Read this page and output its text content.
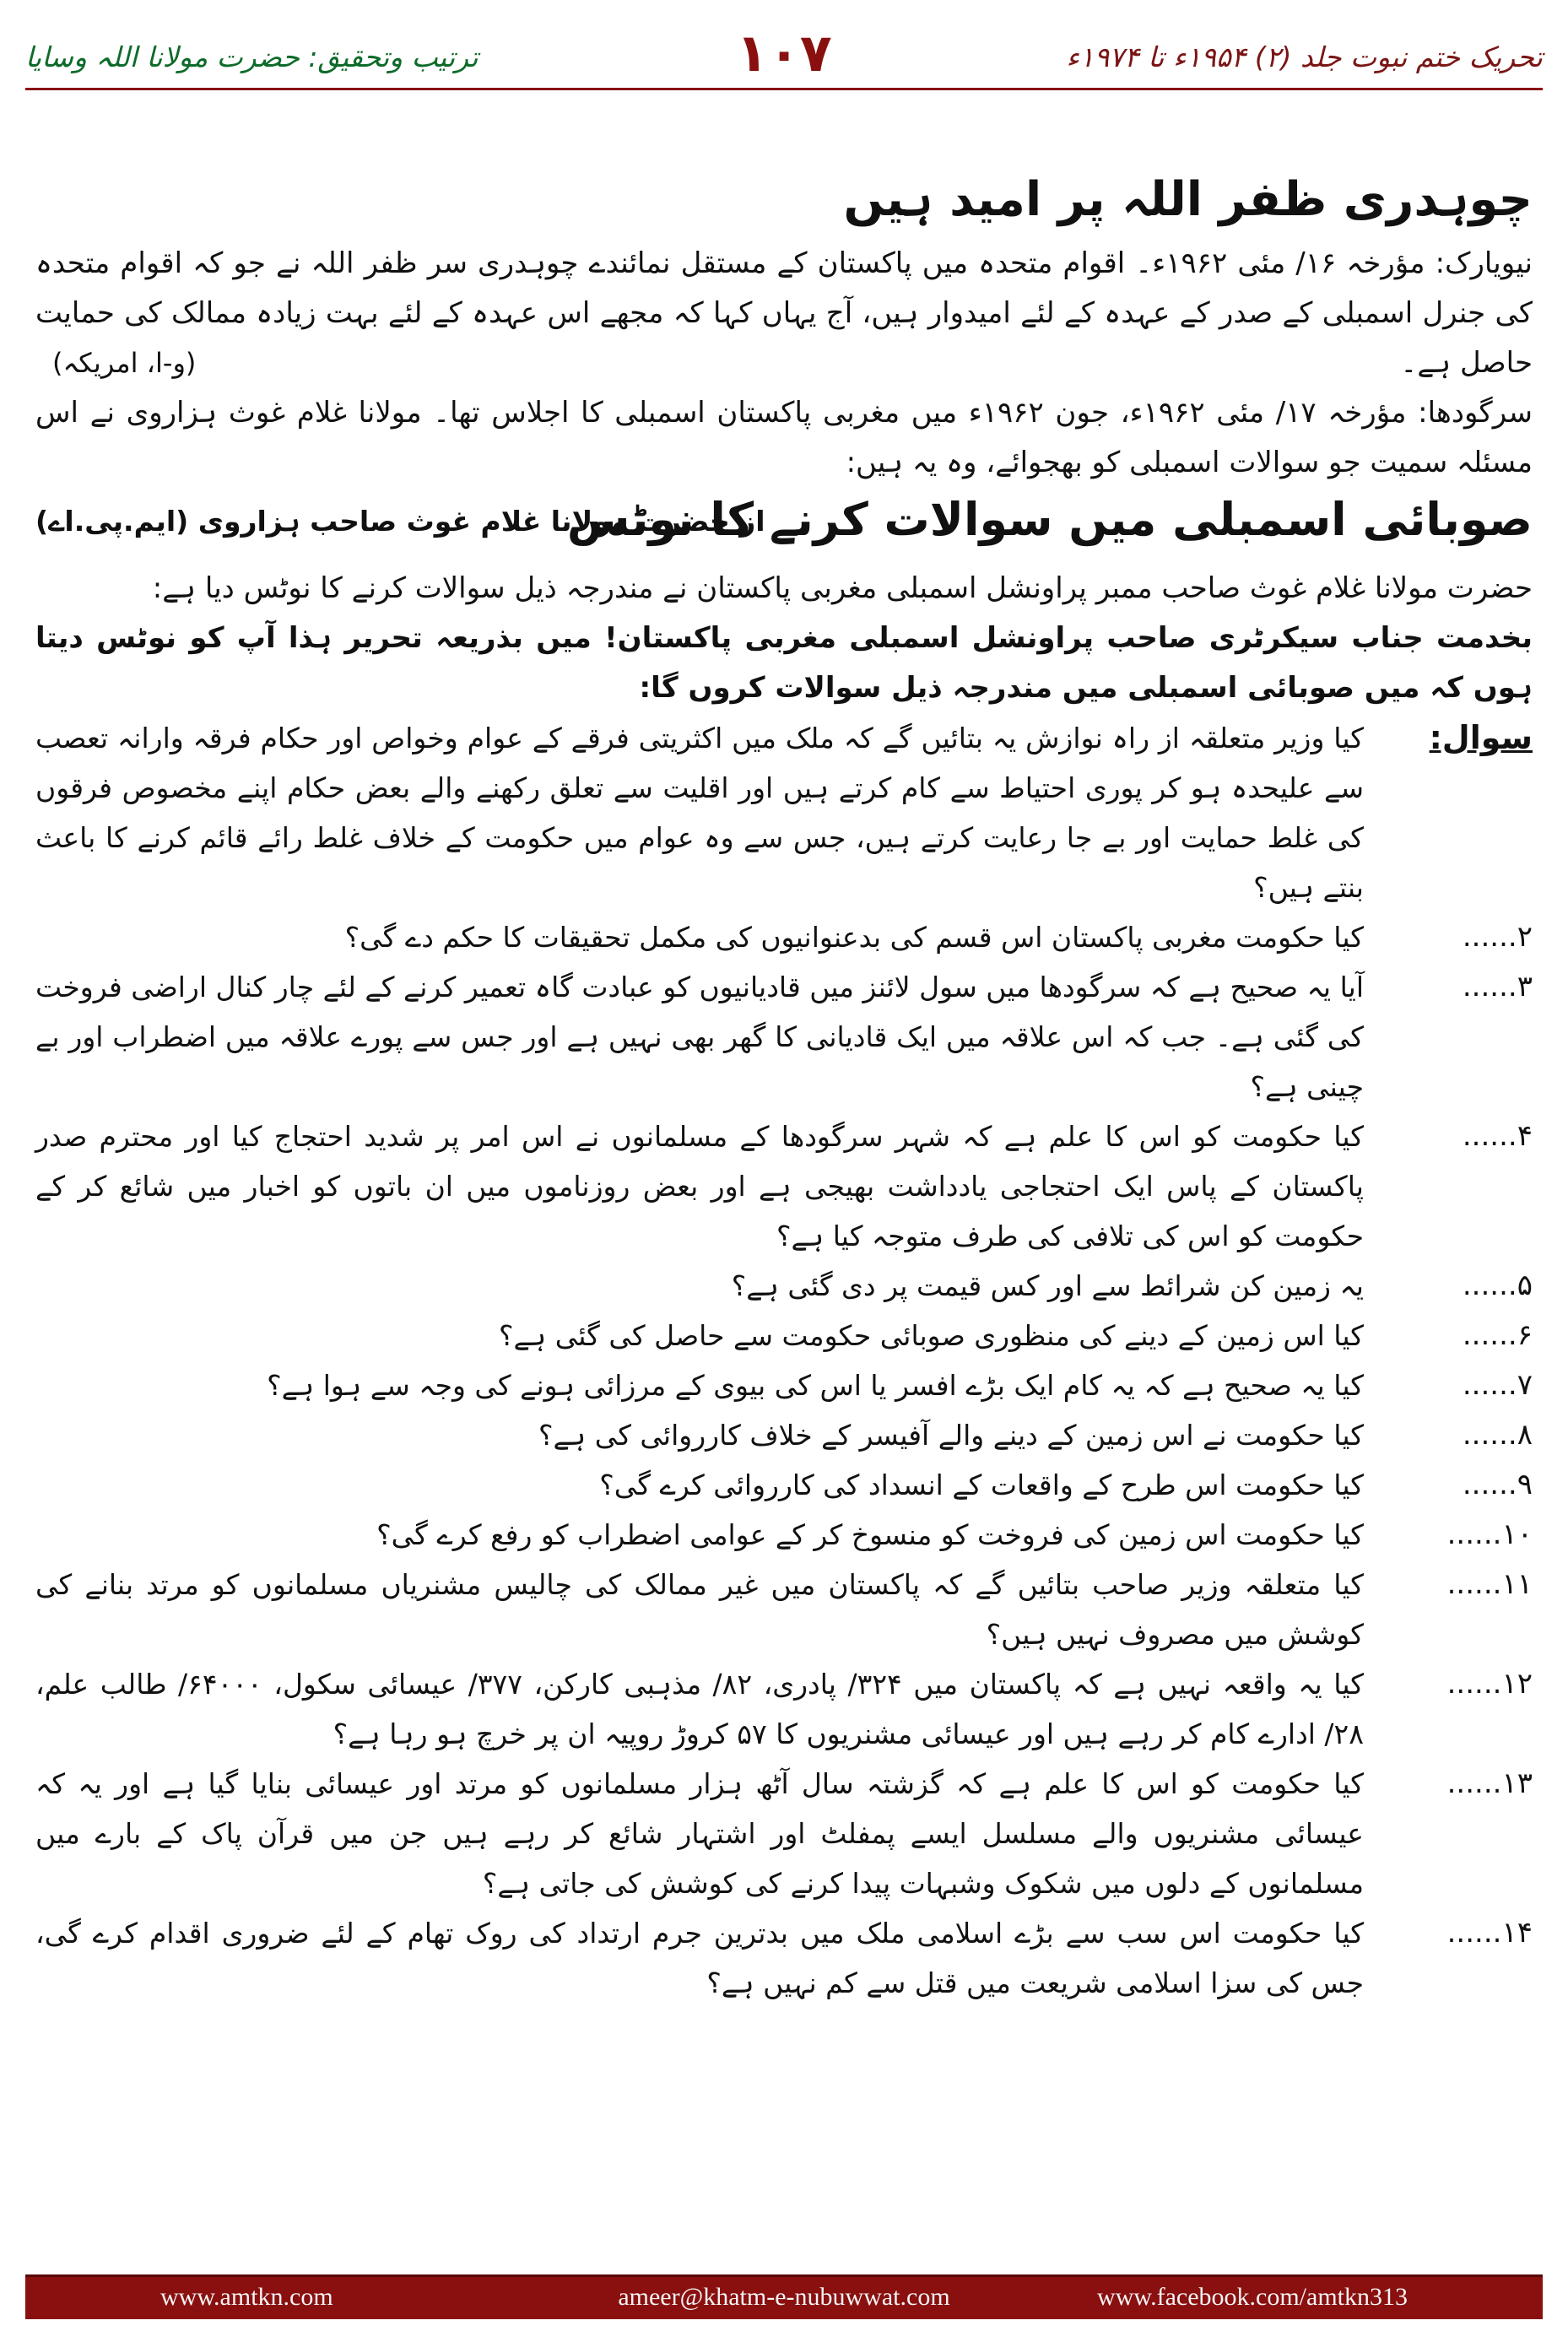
تحریک ختم نبوت جلد (۲) ۱۹۵۴ء تا ۱۹۷۴ء
۱۰۷
ترتیب وتحقیق: حضرت مولانا اللہ وسایا
چوہدری ظفر اللہ پر امید ہیں

نیویارک: مؤرخہ ۱۶/ مئی ۱۹۶۲ء۔ اقوام متحدہ میں پاکستان کے مستقل نمائندے چوہدری سر ظفر اللہ نے جو کہ اقوام متحدہ کی جنرل اسمبلی کے صدر کے عہدہ کے لئے امیدوار ہیں، آج یہاں کہا کہ مجھے اس عہدہ کے لئے بہت زیادہ ممالک کی حمایت حاصل ہے۔
(و-ا، امریکہ)

سرگودھا: مؤرخہ ۱۷/ مئی ۱۹۶۲ء، جون ۱۹۶۲ء میں مغربی پاکستان اسمبلی کا اجلاس تھا۔ مولانا غلام غوث ہزاروی نے اس مسئلہ سمیت جو سوالات اسمبلی کو بھجوائے، وہ یہ ہیں:

صوبائی اسمبلی میں سوالات کرنے کا نوٹس
از حضرت مولانا غلام غوث صاحب ہزاروی (ایم.پی.اے)

حضرت مولانا غلام غوث صاحب ممبر پراونشل اسمبلی مغربی پاکستان نے مندرجہ ذیل سوالات کرنے کا نوٹس دیا ہے:

بخدمت جناب سیکرٹری صاحب پراونشل اسمبلی مغربی پاکستان! میں بذریعہ تحریر ہذا آپ کو نوٹس دیتا ہوں کہ میں صوبائی اسمبلی میں مندرجہ ذیل سوالات کروں گا:

سوال:
کیا وزیر متعلقہ از راہ نوازش یہ بتائیں گے کہ ملک میں اکثریتی فرقے کے عوام وخواص اور حکام فرقہ وارانہ تعصب سے علیحدہ ہو کر پوری احتیاط سے کام کرتے ہیں اور اقلیت سے تعلق رکھنے والے بعض حکام اپنے مخصوص فرقوں کی غلط حمایت اور بے جا رعایت کرتے ہیں، جس سے وہ عوام میں حکومت کے خلاف غلط رائے قائم کرنے کا باعث بنتے ہیں؟
۲......
کیا حکومت مغربی پاکستان اس قسم کی بدعنوانیوں کی مکمل تحقیقات کا حکم دے گی؟
۳......
آیا یہ صحیح ہے کہ سرگودھا میں سول لائنز میں قادیانیوں کو عبادت گاہ تعمیر کرنے کے لئے چار کنال اراضی فروخت کی گئی ہے۔ جب کہ اس علاقہ میں ایک قادیانی کا گھر بھی نہیں ہے اور جس سے پورے علاقہ میں اضطراب اور بے چینی ہے؟
۴......
کیا حکومت کو اس کا علم ہے کہ شہر سرگودھا کے مسلمانوں نے اس امر پر شدید احتجاج کیا اور محترم صدر پاکستان کے پاس ایک احتجاجی یادداشت بھیجی ہے اور بعض روزناموں میں ان باتوں کو اخبار میں شائع کر کے حکومت کو اس کی تلافی کی طرف متوجہ کیا ہے؟
۵......
یہ زمین کن شرائط سے اور کس قیمت پر دی گئی ہے؟
۶......
کیا اس زمین کے دینے کی منظوری صوبائی حکومت سے حاصل کی گئی ہے؟
۷......
کیا یہ صحیح ہے کہ یہ کام ایک بڑے افسر یا اس کی بیوی کے مرزائی ہونے کی وجہ سے ہوا ہے؟
۸......
کیا حکومت نے اس زمین کے دینے والے آفیسر کے خلاف کارروائی کی ہے؟
۹......
کیا حکومت اس طرح کے واقعات کے انسداد کی کارروائی کرے گی؟
۱۰......
کیا حکومت اس زمین کی فروخت کو منسوخ کر کے عوامی اضطراب کو رفع کرے گی؟
۱۱......
کیا متعلقہ وزیر صاحب بتائیں گے کہ پاکستان میں غیر ممالک کی چالیس مشنریاں مسلمانوں کو مرتد بنانے کی کوشش میں مصروف نہیں ہیں؟
۱۲......
کیا یہ واقعہ نہیں ہے کہ پاکستان میں ۳۲۴/ پادری، ۸۲/ مذہبی کارکن، ۳۷۷/ عیسائی سکول، ۶۴۰۰۰/ طالب علم، ۲۸/ ادارے کام کر رہے ہیں اور عیسائی مشنریوں کا ۵۷ کروڑ روپیہ ان پر خرچ ہو رہا ہے؟
۱۳......
کیا حکومت کو اس کا علم ہے کہ گزشتہ سال آٹھ ہزار مسلمانوں کو مرتد اور عیسائی بنایا گیا ہے اور یہ کہ عیسائی مشنریوں والے مسلسل ایسے پمفلٹ اور اشتہار شائع کر رہے ہیں جن میں قرآن پاک کے بارے میں مسلمانوں کے دلوں میں شکوک وشبہات پیدا کرنے کی کوشش کی جاتی ہے؟
۱۴......
کیا حکومت اس سب سے بڑے اسلامی ملک میں بدترین جرم ارتداد کی روک تھام کے لئے ضروری اقدام کرے گی، جس کی سزا اسلامی شریعت میں قتل سے کم نہیں ہے؟
www.amtkn.com	ameer@khatm-e-nubuwwat.com	www.facebook.com/amtkn313
